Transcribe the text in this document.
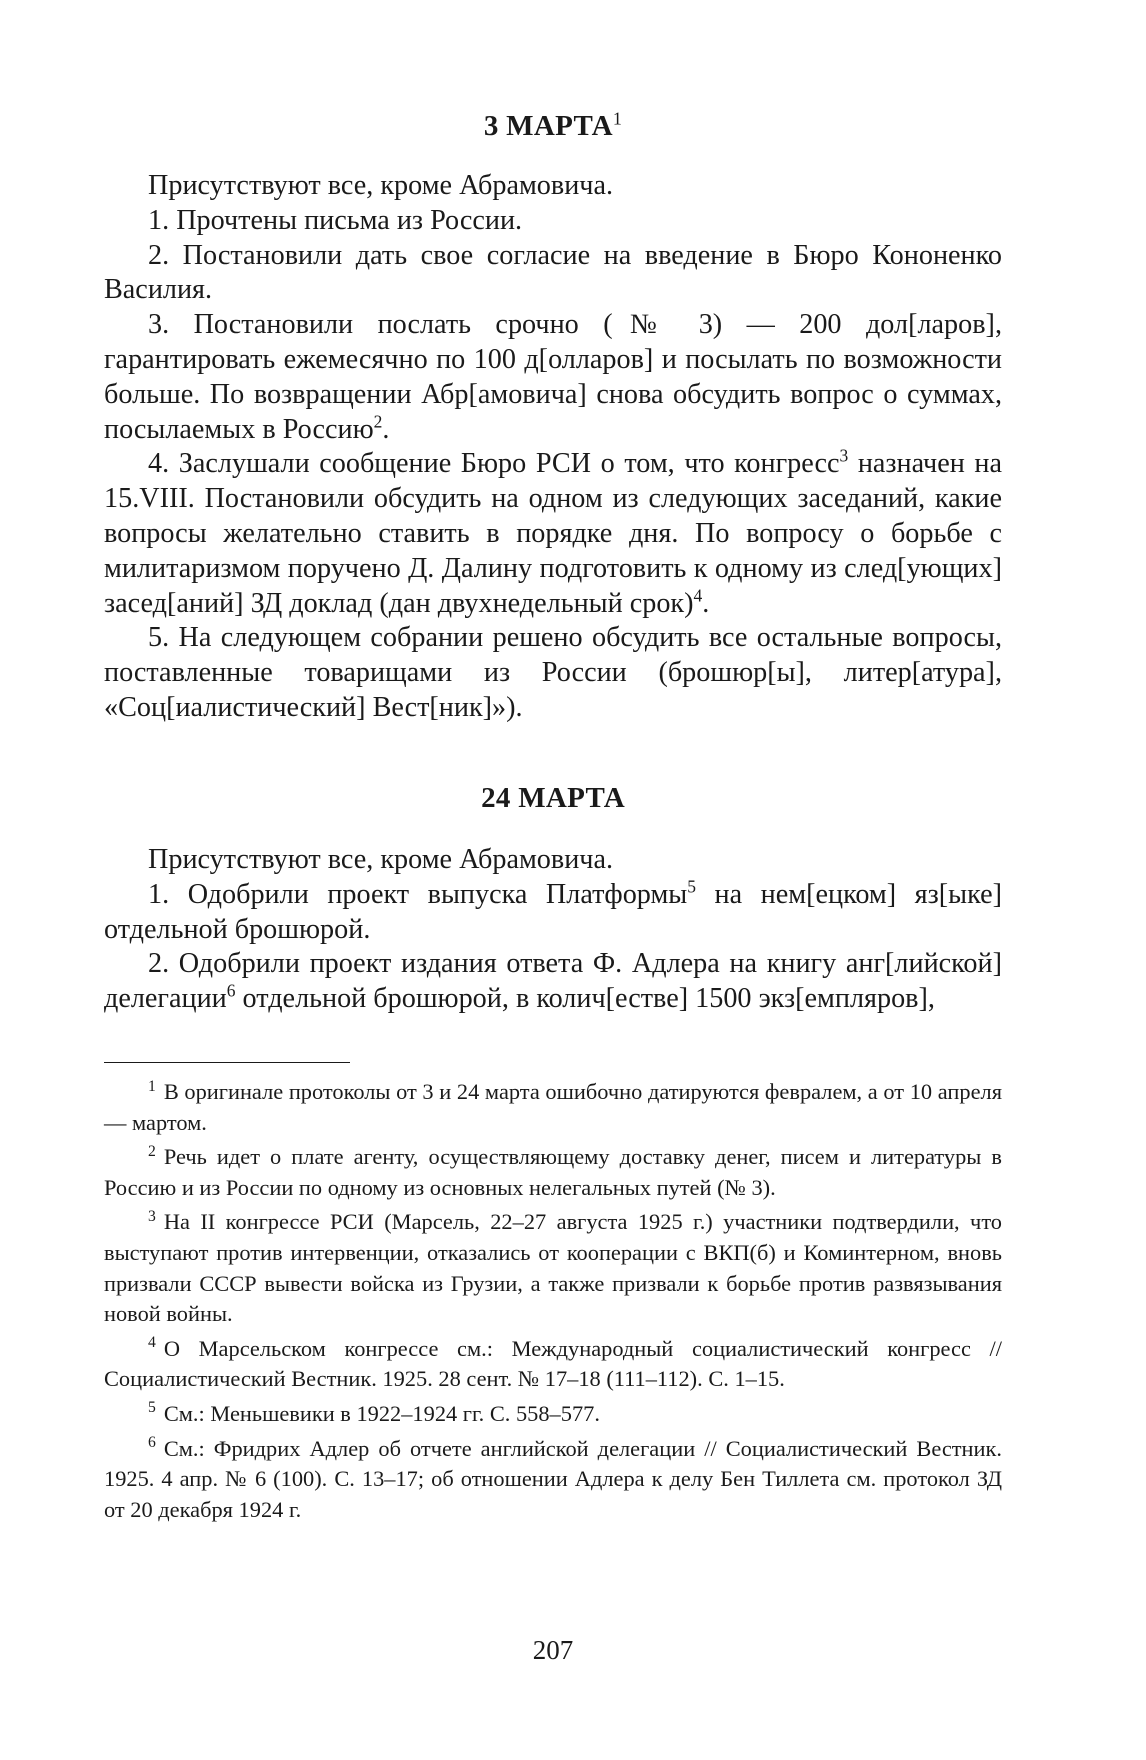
3 МАРТА$^1$

Присутствуют все, кроме Абрамовича.

1. Прочтены письма из России.

2. Постановили дать свое согласие на введение в Бюро Кононенко Василия.

3. Постановили послать срочно (№ 3) — 200 дол[ларов], гарантировать ежемесячно по 100 д[олларов] и посылать по возможности больше. По возвращении Абр[амовича] снова обсудить вопрос о суммах, посылаемых в Россию$^2$.

4. Заслушали сообщение Бюро РСИ о том, что конгресс$^3$ назначен на 15.VIII. Постановили обсудить на одном из следующих заседаний, какие вопросы желательно ставить в порядке дня. По вопросу о борьбе с милитаризмом поручено Д. Далину подготовить к одному из след[ующих] засед[аний] ЗД доклад (дан двухнедельный срок)$^4$.

5. На следующем собрании решено обсудить все остальные вопросы, поставленные товарищами из России (брошюр[ы], литер[атура], «Соц[иалистический] Вест[ник]»).

24 МАРТА

Присутствуют все, кроме Абрамовича.

1. Одобрили проект выпуска Платформы$^5$ на нем[ецком] яз[ыке] отдельной брошюрой.

2. Одобрили проект издания ответа Ф. Адлера на книгу анг[лийской] делегации$^6$ отдельной брошюрой, в колич[естве] 1500 экз[емпляров],

$^1$ В оригинале протоколы от 3 и 24 марта ошибочно датируются февралем, а от 10 апреля — мартом.

$^2$ Речь идет о плате агенту, осуществляющему доставку денег, писем и литературы в Россию и из России по одному из основных нелегальных путей (№ 3).

$^3$ На II конгрессе РСИ (Марсель, 22–27 августа 1925 г.) участники подтвердили, что выступают против интервенции, отказались от кооперации с ВКП(б) и Коминтерном, вновь призвали СССР вывести войска из Грузии, а также призвали к борьбе против развязывания новой войны.

$^4$ О Марсельском конгрессе см.: Международный социалистический конгресс // Социалистический Вестник. 1925. 28 сент. № 17–18 (111–112). С. 1–15.

$^5$ См.: Меньшевики в 1922–1924 гг. С. 558–577.

$^6$ См.: Фридрих Адлер об отчете английской делегации // Социалистический Вестник. 1925. 4 апр. № 6 (100). С. 13–17; об отношении Адлера к делу Бен Тиллета см. протокол ЗД от 20 декабря 1924 г.

207
